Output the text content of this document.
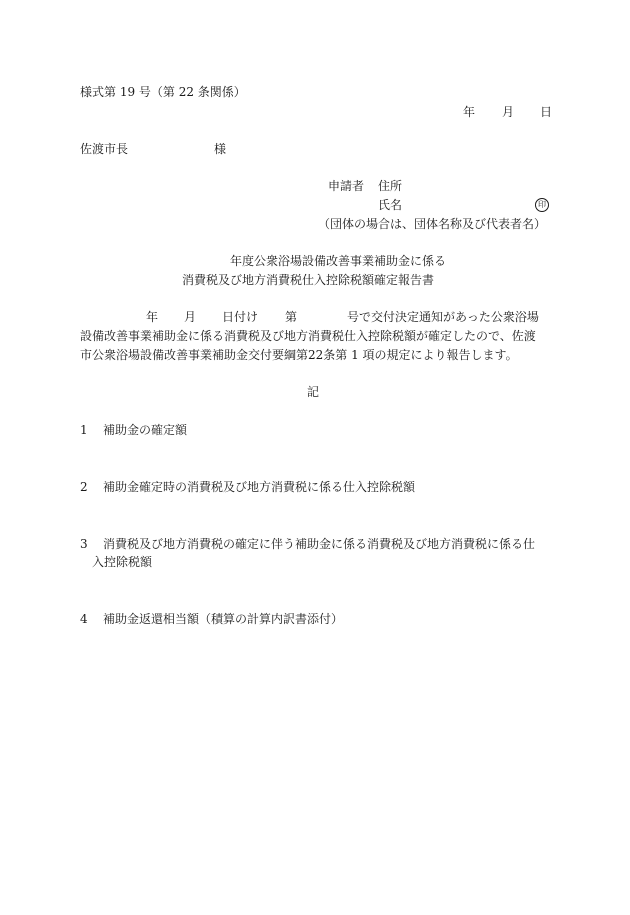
様式第 19 号（第 22 条関係）
年 月 日
佐渡市長	様
申請者 住所
氏名	印
（団体の場合は、団体名称及び代表者名）
年度公衆浴場設備改善事業補助金に係る
消費税及び地方消費税仕入控除税額確定報告書
年 月 日付け 第	号で交付決定通知があった公衆浴場
設備改善事業補助金に係る消費税及び地方消費税仕入控除税額が確定したので、佐渡
市公衆浴場設備改善事業補助金交付要綱第22条第 1 項の規定により報告します。
記
1 補助金の確定額
2 補助金確定時の消費税及び地方消費税に係る仕入控除税額
3 消費税及び地方消費税の確定に伴う補助金に係る消費税及び地方消費税に係る仕
入控除税額
4 補助金返還相当額（積算の計算内訳書添付）
